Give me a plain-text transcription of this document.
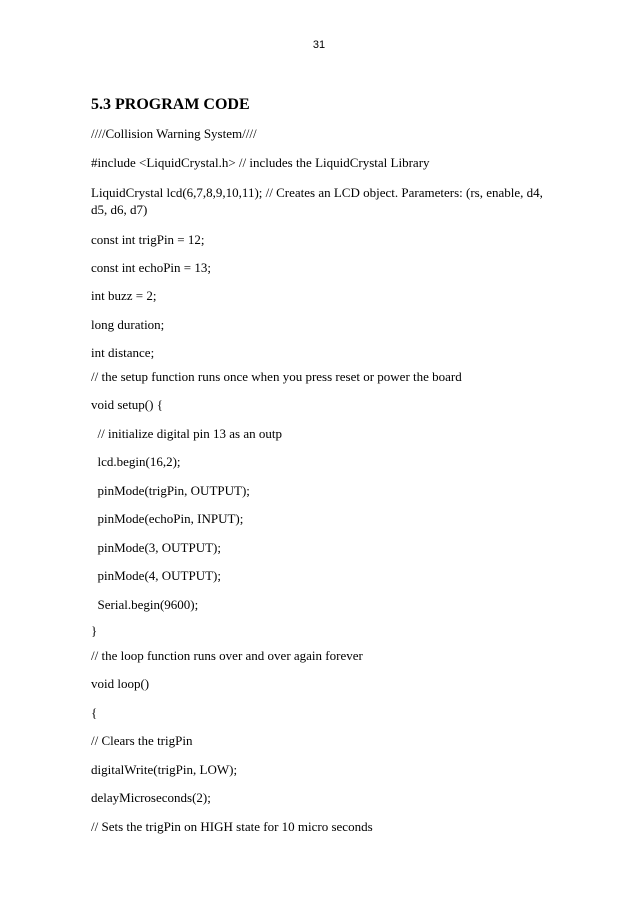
31
5.3 PROGRAM CODE
////Collision Warning System////
#include <LiquidCrystal.h> // includes the LiquidCrystal Library
LiquidCrystal lcd(6,7,8,9,10,11); // Creates an LCD object. Parameters: (rs, enable, d4, d5, d6, d7)
const int trigPin = 12;
const int echoPin = 13;
int buzz = 2;
long duration;
int distance;
// the setup function runs once when you press reset or power the board
void setup() {
// initialize digital pin 13 as an outp
lcd.begin(16,2);
pinMode(trigPin, OUTPUT);
pinMode(echoPin, INPUT);
pinMode(3, OUTPUT);
pinMode(4, OUTPUT);
Serial.begin(9600);
}
// the loop function runs over and over again forever
void loop()
{
// Clears the trigPin
digitalWrite(trigPin, LOW);
delayMicroseconds(2);
// Sets the trigPin on HIGH state for 10 micro seconds
